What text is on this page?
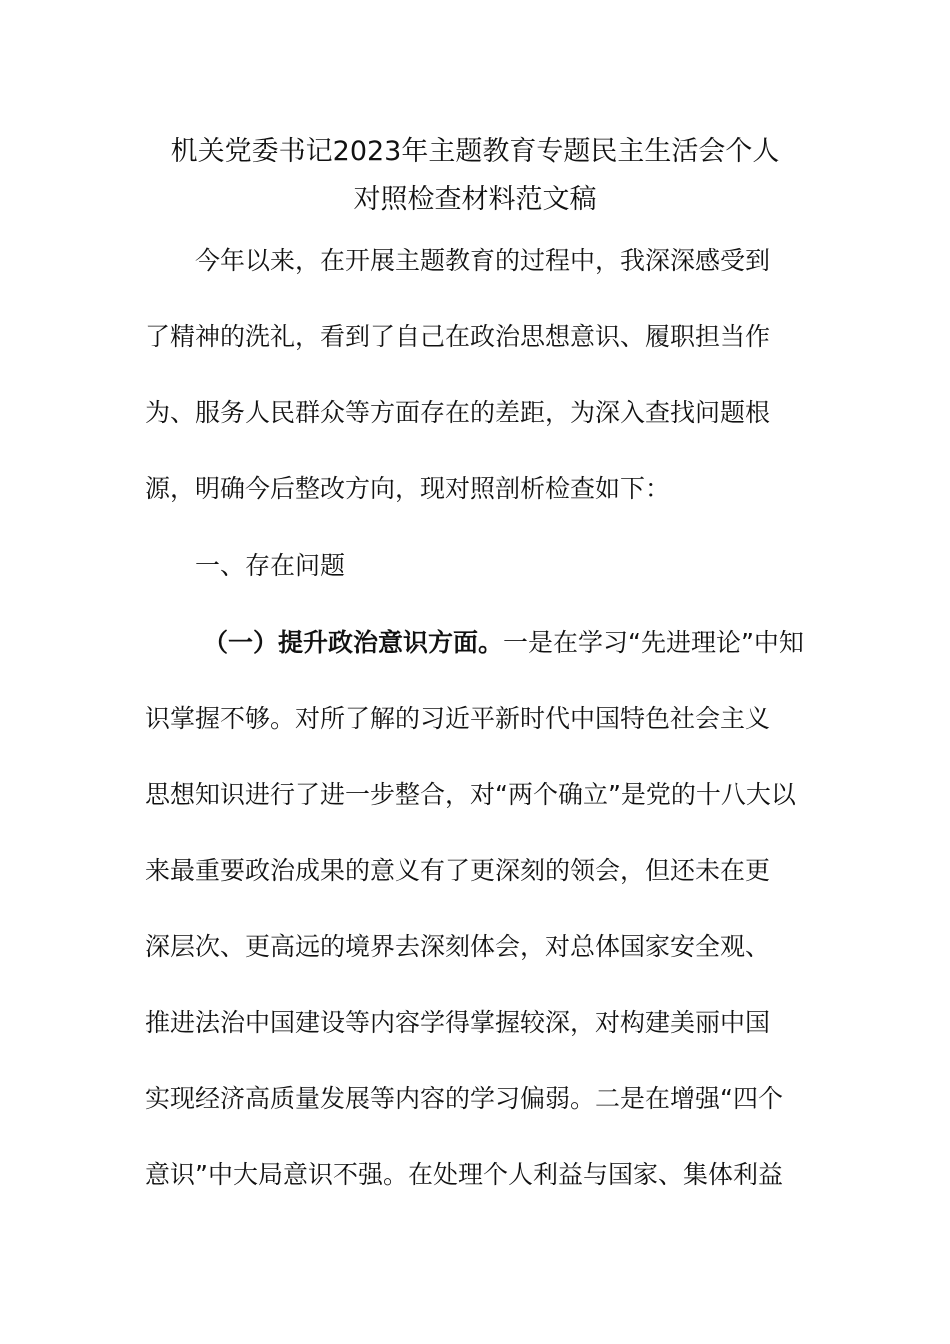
机关党委书记2023年主题教育专题民主生活会个人
对照检查材料范文稿
今年以来，在开展主题教育的过程中，我深深感受到
了精神的洗礼，看到了自己在政治思想意识、履职担当作
为、服务人民群众等方面存在的差距，为深入查找问题根
源，明确今后整改方向，现对照剖析检查如下：
一、存在问题
（一）提升政治意识方面。一是在学习“先进理论”中知
识掌握不够。对所了解的习近平新时代中国特色社会主义
思想知识进行了进一步整合，对“两个确立”是党的十八大以
来最重要政治成果的意义有了更深刻的领会，但还未在更
深层次、更高远的境界去深刻体会，对总体国家安全观、
推进法治中国建设等内容学得掌握较深，对构建美丽中国
实现经济高质量发展等内容的学习偏弱。二是在增强“四个
意识”中大局意识不强。在处理个人利益与国家、集体利益
